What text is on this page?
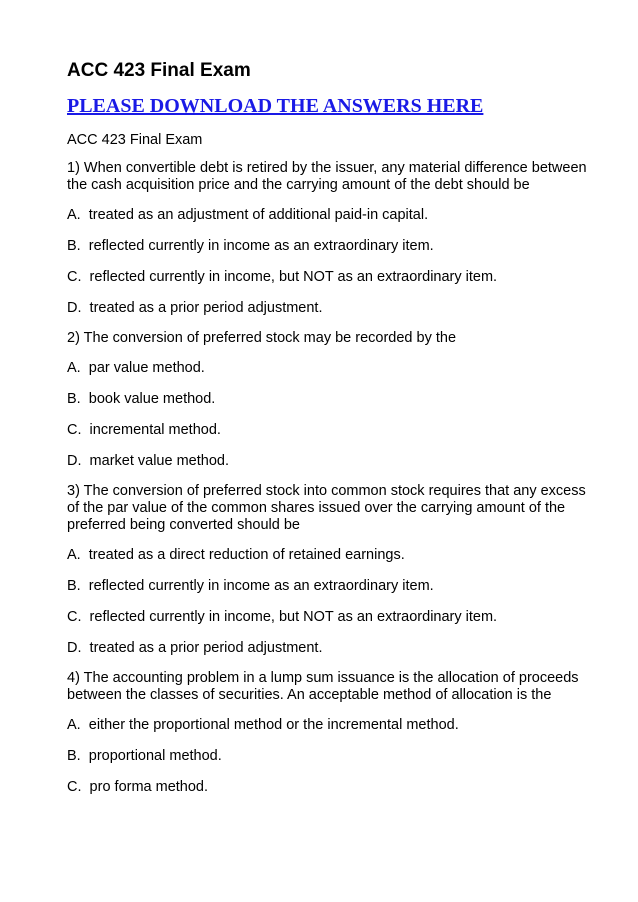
ACC 423 Final Exam
PLEASE DOWNLOAD THE ANSWERS HERE
ACC 423 Final Exam
1) When convertible debt is retired by the issuer, any material difference between the cash acquisition price and the carrying amount of the debt should be
A.  treated as an adjustment of additional paid-in capital.
B.  reflected currently in income as an extraordinary item.
C.  reflected currently in income, but NOT as an extraordinary item.
D.  treated as a prior period adjustment.
2) The conversion of preferred stock may be recorded by the
A.  par value method.
B.  book value method.
C.  incremental method.
D.  market value method.
3) The conversion of preferred stock into common stock requires that any excess of the par value of the common shares issued over the carrying amount of the preferred being converted should be
A.  treated as a direct reduction of retained earnings.
B.  reflected currently in income as an extraordinary item.
C.  reflected currently in income, but NOT as an extraordinary item.
D.  treated as a prior period adjustment.
4) The accounting problem in a lump sum issuance is the allocation of proceeds between the classes of securities. An acceptable method of allocation is the
A.  either the proportional method or the incremental method.
B.  proportional method.
C.  pro forma method.
